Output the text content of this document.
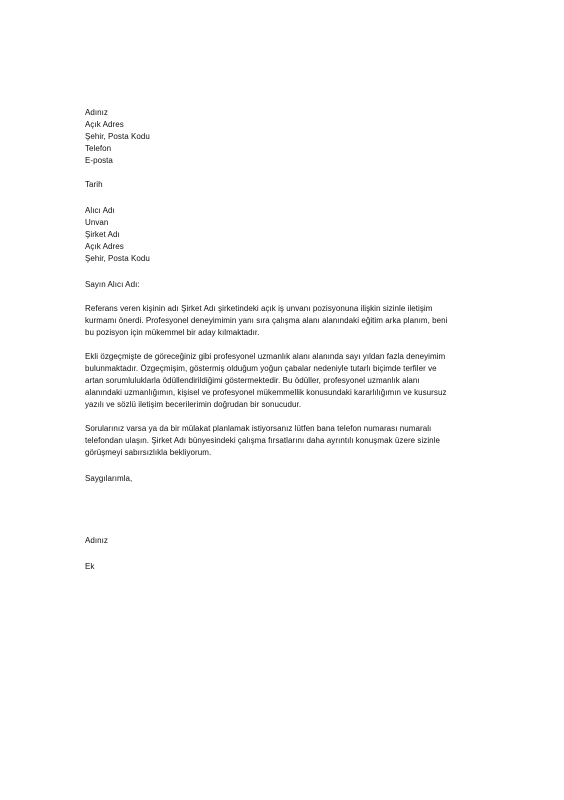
Adınız
Açık Adres
Şehir, Posta Kodu
Telefon
E-posta
Tarih
Alıcı Adı
Unvan
Şirket Adı
Açık Adres
Şehir, Posta Kodu
Sayın Alıcı Adı:
Referans veren kişinin adı Şirket Adı şirketindeki açık iş unvanı pozisyonuna ilişkin sizinle iletişim
kurmamı önerdi. Profesyonel deneyimimin yanı sıra çalışma alanı alanındaki eğitim arka planım, beni
bu pozisyon için mükemmel bir aday kılmaktadır.
Ekli özgeçmişte de göreceğiniz gibi profesyonel uzmanlık alanı alanında sayı yıldan fazla deneyimim
bulunmaktadır. Özgeçmişim, göstermiş olduğum yoğun çabalar nedeniyle tutarlı biçimde terfiler ve
artan sorumluluklarla ödüllendirildiğimi göstermektedir. Bu ödüller, profesyonel uzmanlık alanı
alanındaki uzmanlığımın, kişisel ve profesyonel mükemmellik konusundaki kararlılığımın ve kusursuz
yazılı ve sözlü iletişim becerilerimin doğrudan bir sonucudur.
Sorularınız varsa ya da bir mülakat planlamak istiyorsanız lütfen bana telefon numarası numaralı
telefondan ulaşın. Şirket Adı bünyesindeki çalışma fırsatlarını daha ayrıntılı konuşmak üzere sizinle
görüşmeyi sabırsızlıkla bekliyorum.
Saygılarımla,
Adınız
Ek
